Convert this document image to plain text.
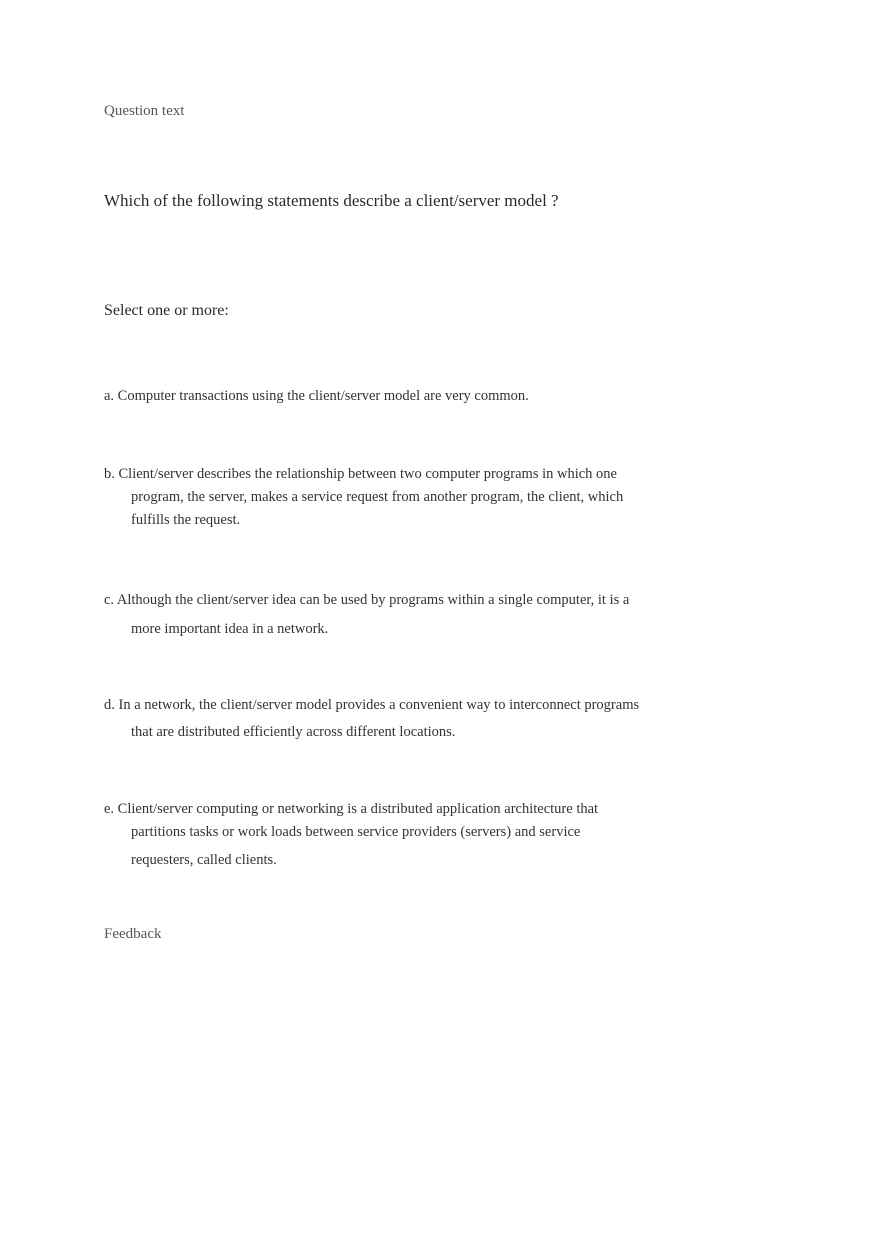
Question text
Which of the following statements describe a client/server model ?
Select one or more:
a. Computer transactions using the client/server model are very common.
b. Client/server describes the relationship between two computer programs in which one
program, the server, makes a service request from another program, the client, which
fulfills the request.
c. Although the client/server idea can be used by programs within a single computer, it is a
more important idea in a network.
d. In a network, the client/server model provides a convenient way to interconnect programs
that are distributed efficiently across different locations.
e. Client/server computing or networking is a distributed application architecture that
partitions tasks or work loads between service providers (servers) and service
requesters, called clients.
Feedback
